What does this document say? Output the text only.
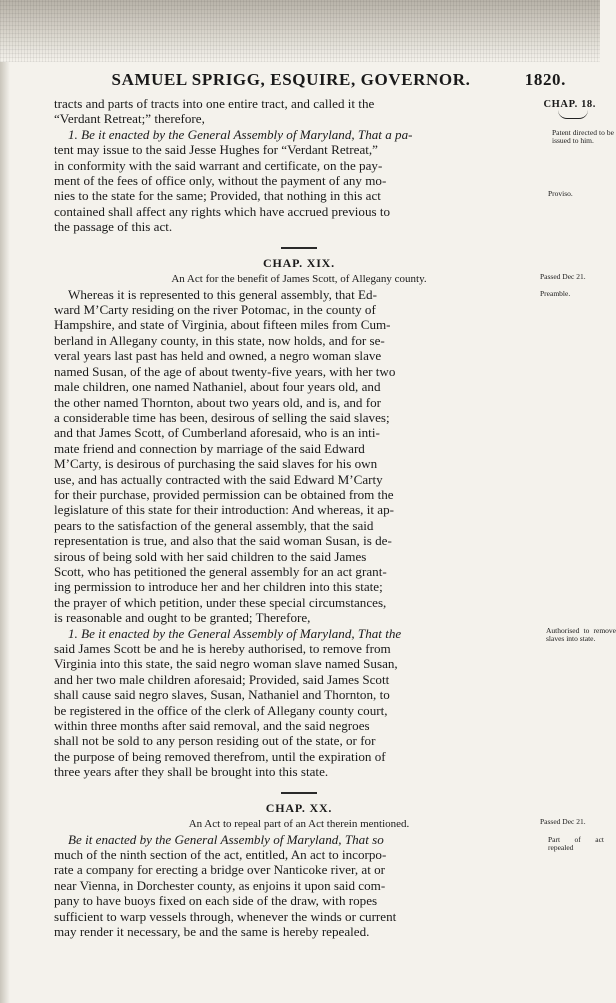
SAMUEL SPRIGG, ESQUIRE, GOVERNOR.	1820.
CHAP. 18.
Patent directed to be issued to him.
Proviso.

tracts and parts of tracts into one entire tract, and called it the

“Verdant Retreat;” therefore,

1. Be it enacted by the General Assembly of Maryland, That a pa-

tent may issue to the said Jesse Hughes for “Verdant Retreat,”

in conformity with the said warrant and certificate, on the pay-

ment of the fees of office only, without the payment of any mo-

nies to the state for the same; Provided, that nothing in this act

contained shall affect any rights which have accrued previous to

the passage of this act.

CHAP. XIX.
An Act for the benefit of James Scott, of Allegany county.	Passed Dec 21.
Preamble.
Authorised to remove slaves into state.

Whereas it is represented to this general assembly, that Ed-

ward M’Carty residing on the river Potomac, in the county of

Hampshire, and state of Virginia, about fifteen miles from Cum-

berland in Allegany county, in this state, now holds, and for se-

veral years last past has held and owned, a negro woman slave

named Susan, of the age of about twenty-five years, with her two

male children, one named Nathaniel, about four years old, and

the other named Thornton, about two years old, and is, and for

a considerable time has been, desirous of selling the said slaves;

and that James Scott, of Cumberland aforesaid, who is an inti-

mate friend and connection by marriage of the said Edward

M’Carty, is desirous of purchasing the said slaves for his own

use, and has actually contracted with the said Edward M’Carty

for their purchase, provided permission can be obtained from the

legislature of this state for their introduction: And whereas, it ap-

pears to the satisfaction of the general assembly, that the said

representation is true, and also that the said woman Susan, is de-

sirous of being sold with her said children to the said James

Scott, who has petitioned the general assembly for an act grant-

ing permission to introduce her and her children into this state;

the prayer of which petition, under these special circumstances,

is reasonable and ought to be granted; Therefore,

1. Be it enacted by the General Assembly of Maryland, That the

said James Scott be and he is hereby authorised, to remove from

Virginia into this state, the said negro woman slave named Susan,

and her two male children aforesaid; Provided, said James Scott

shall cause said negro slaves, Susan, Nathaniel and Thornton, to

be registered in the office of the clerk of Allegany county court,

within three months after said removal, and the said negroes

shall not be sold to any person residing out of the state, or for

the purpose of being removed therefrom, until the expiration of

three years after they shall be brought into this state.

CHAP. XX.
An Act to repeal part of an Act therein mentioned.	Passed Dec 21.
Part of act repealed

Be it enacted by the General Assembly of Maryland, That so

much of the ninth section of the act, entitled, An act to incorpo-

rate a company for erecting a bridge over Nanticoke river, at or

near Vienna, in Dorchester county, as enjoins it upon said com-

pany to have buoys fixed on each side of the draw, with ropes

sufficient to warp vessels through, whenever the winds or current

may render it necessary, be and the same is hereby repealed.
